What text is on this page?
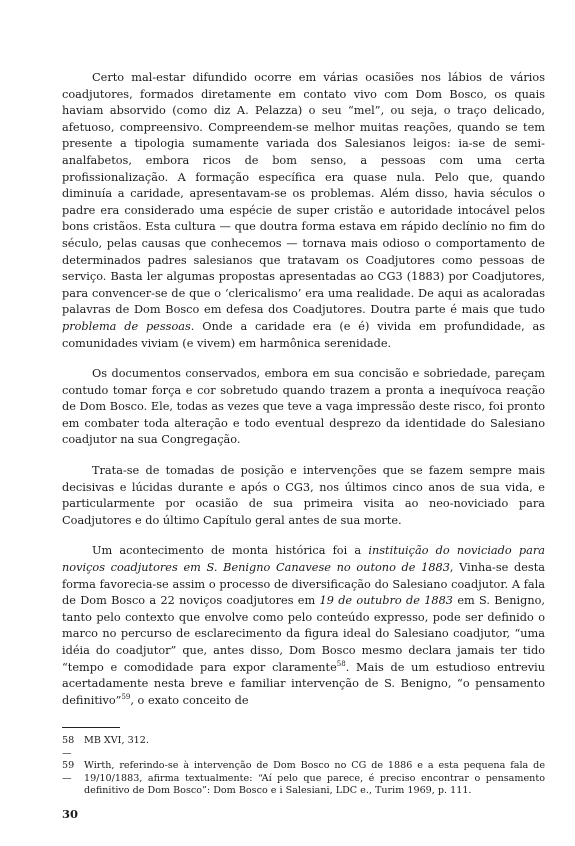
Certo mal-estar difundido ocorre em várias ocasiões nos lábios de vários coadjutores, formados diretamente em contato vivo com Dom Bosco, os quais haviam absorvido (como diz A. Pelazza) o seu “mel”, ou seja, o traço delicado, afetuoso, compreensivo. Compreendem-se melhor muitas reações, quando se tem presente a tipologia sumamente variada dos Salesianos leigos: ia-se de semi-analfabetos, embora ricos de bom senso, a pessoas com uma certa profissionalização. A formação específica era quase nula. Pelo que, quando diminuía a caridade, apresentavam-se os problemas. Além disso, havia séculos o padre era considerado uma espécie de super cristão e autoridade intocável pelos bons cristãos. Esta cultura — que doutra forma estava em rápido declínio no fim do século, pelas causas que conhecemos — tornava mais odioso o comportamento de determinados padres salesianos que tratavam os Coadjutores como pessoas de serviço. Basta ler algumas propostas apresentadas ao CG3 (1883) por Coadjutores, para convencer-se de que o ‘clericalismo’ era uma realidade. De aqui as acaloradas palavras de Dom Bosco em defesa dos Coadjutores. Doutra parte é mais que tudo problema de pessoas. Onde a caridade era (e é) vivida em profundidade, as comunidades viviam (e vivem) em harmônica serenidade.

Os documentos conservados, embora em sua concisão e sobriedade, pareçam contudo tomar força e cor sobretudo quando trazem a pronta a inequívoca reação de Dom Bosco. Ele, todas as vezes que teve a vaga impressão deste risco, foi pronto em combater toda alteração e todo eventual desprezo da identidade do Salesiano coadjutor na sua Congregação.

Trata-se de tomadas de posição e intervenções que se fazem sempre mais decisivas e lúcidas durante e após o CG3, nos últimos cinco anos de sua vida, e particularmente por ocasião de sua primeira visita ao neo-noviciado para Coadjutores e do último Capítulo geral antes de sua morte.

Um acontecimento de monta histórica foi a instituição do noviciado para noviços coadjutores em S. Benigno Canavese no outono de 1883, Vinha-se desta forma favorecia-se assim o processo de diversificação do Salesiano coadjutor. A fala de Dom Bosco a 22 noviços coadjutores em 19 de outubro de 1883 em S. Benigno, tanto pelo contexto que envolve como pelo conteúdo expresso, pode ser definido o marco no percurso de esclarecimento da figura ideal do Salesiano coadjutor, “uma idéia do coadjutor” que, antes disso, Dom Bosco mesmo declara jamais ter tido “tempo e comodidade para expor claramente$^{58}$. Mais de um estudioso entreviu acertadamente nesta breve e familiar intervenção de S. Benigno, “o pensamento definitivo”$^{59}$, o exato conceito de

58 —
MB XVI, 312.
59 —
Wirth, referindo-se à intervenção de Dom Bosco no CG de 1886 e a esta pequena fala de 19/10/1883, afirma textualmente: “Aí pelo que parece, é preciso encontrar o pensamento definitivo de Dom Bosco”: Dom Bosco e i Salesiani, LDC e., Turim 1969, p. 111.
30
